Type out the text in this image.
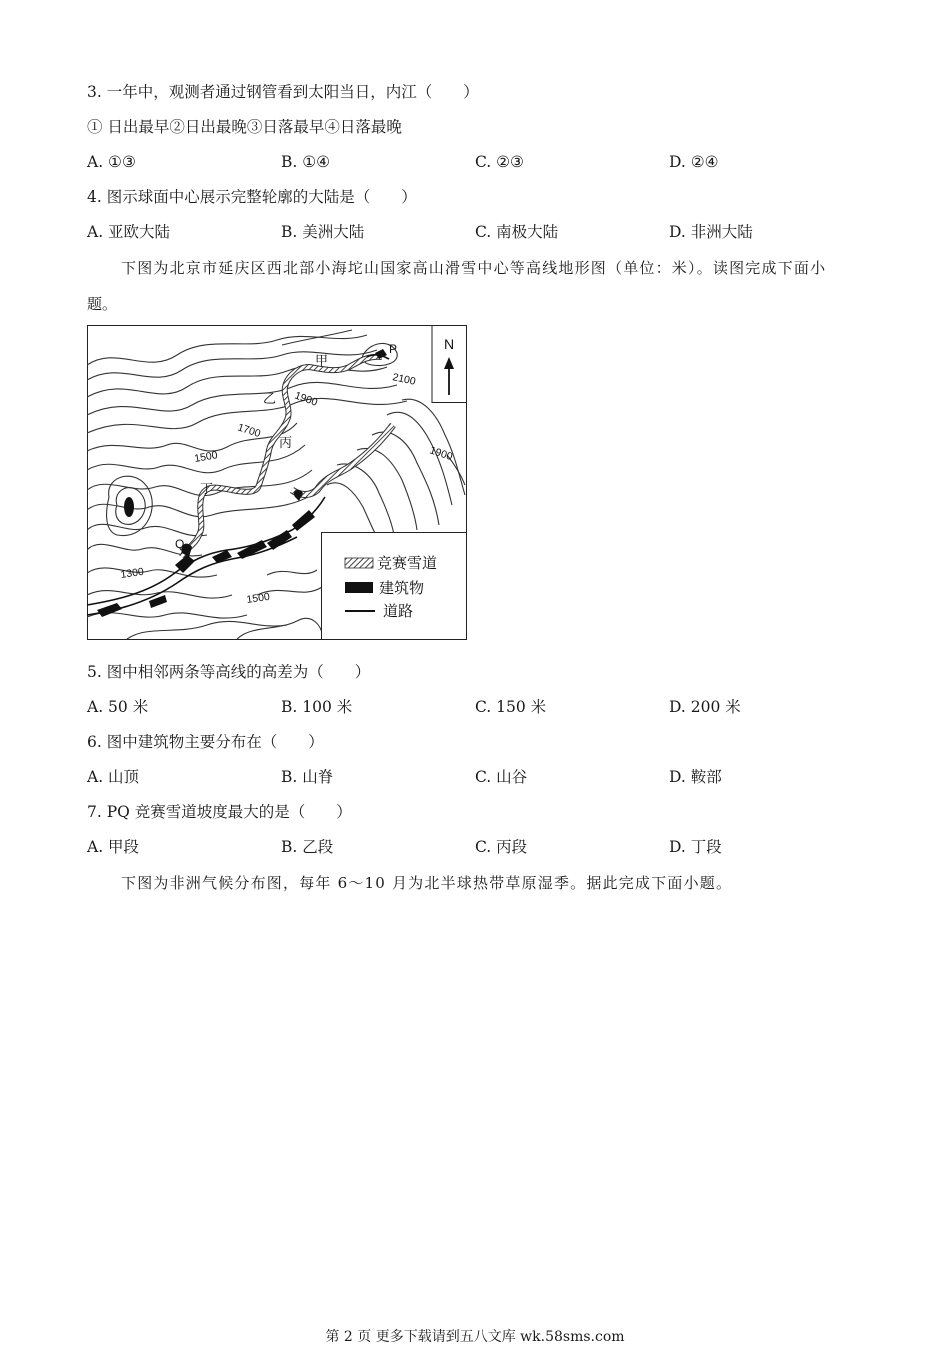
3. 一年中，观测者通过钢管看到太阳当日，内江（　　）
① 日出最早②日出最晚③日落最早④日落最晚
A. ①③	B. ①④	C. ②③	D. ②④
4. 图示球面中心展示完整轮廓的大陆是（　　）
A. 亚欧大陆	B. 美洲大陆	C. 南极大陆	D. 非洲大陆
下图为北京市延庆区西北部小海坨山国家高山滑雪中心等高线地形图（单位：米）。读图完成下面小
题。
N
竞赛雪道
建筑物
道路
P
Q
甲
乙
丙
丁
2100
1900
1700
1900
1500
1300
1500
5. 图中相邻两条等高线的高差为（　　）
A. 50 米	B. 100 米	C. 150 米	D. 200 米
6. 图中建筑物主要分布在（　　）
A. 山顶	B. 山脊	C. 山谷	D. 鞍部
7. PQ 竞赛雪道坡度最大的是（　　）
A. 甲段	B. 乙段	C. 丙段	D. 丁段
下图为非洲气候分布图，每年 6～10 月为北半球热带草原湿季。据此完成下面小题。
第 2 页 更多下载请到五八文库 wk.58sms.com
